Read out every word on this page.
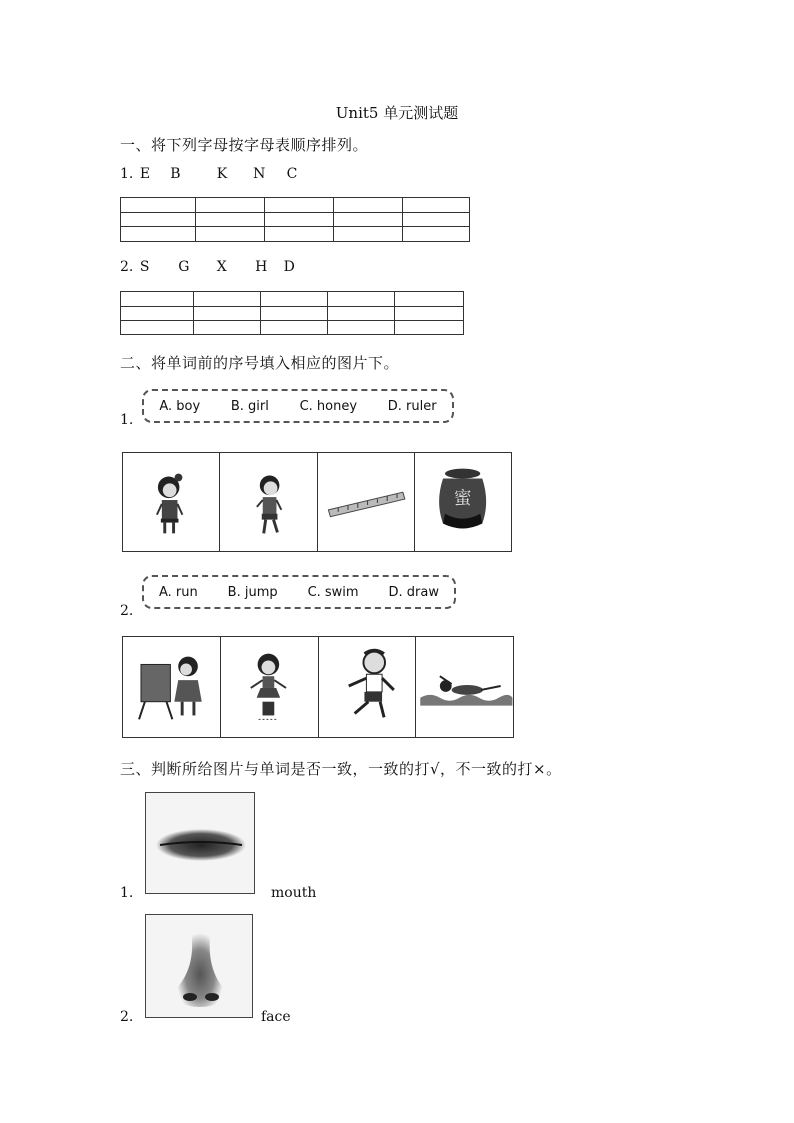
Unit5 单元测试题
一、将下列字母按字母表顺序排列。
1. E B	K N C
2. S G X H D
二、将单词前的序号填入相应的图片下。
1.
A. boy B. girl C. honey D. ruler
蜜
2.
A. run B. jump C. swim D. draw
三、判断所给图片与单词是否一致，一致的打√，不一致的打×。
1.	mouth
2.	face
